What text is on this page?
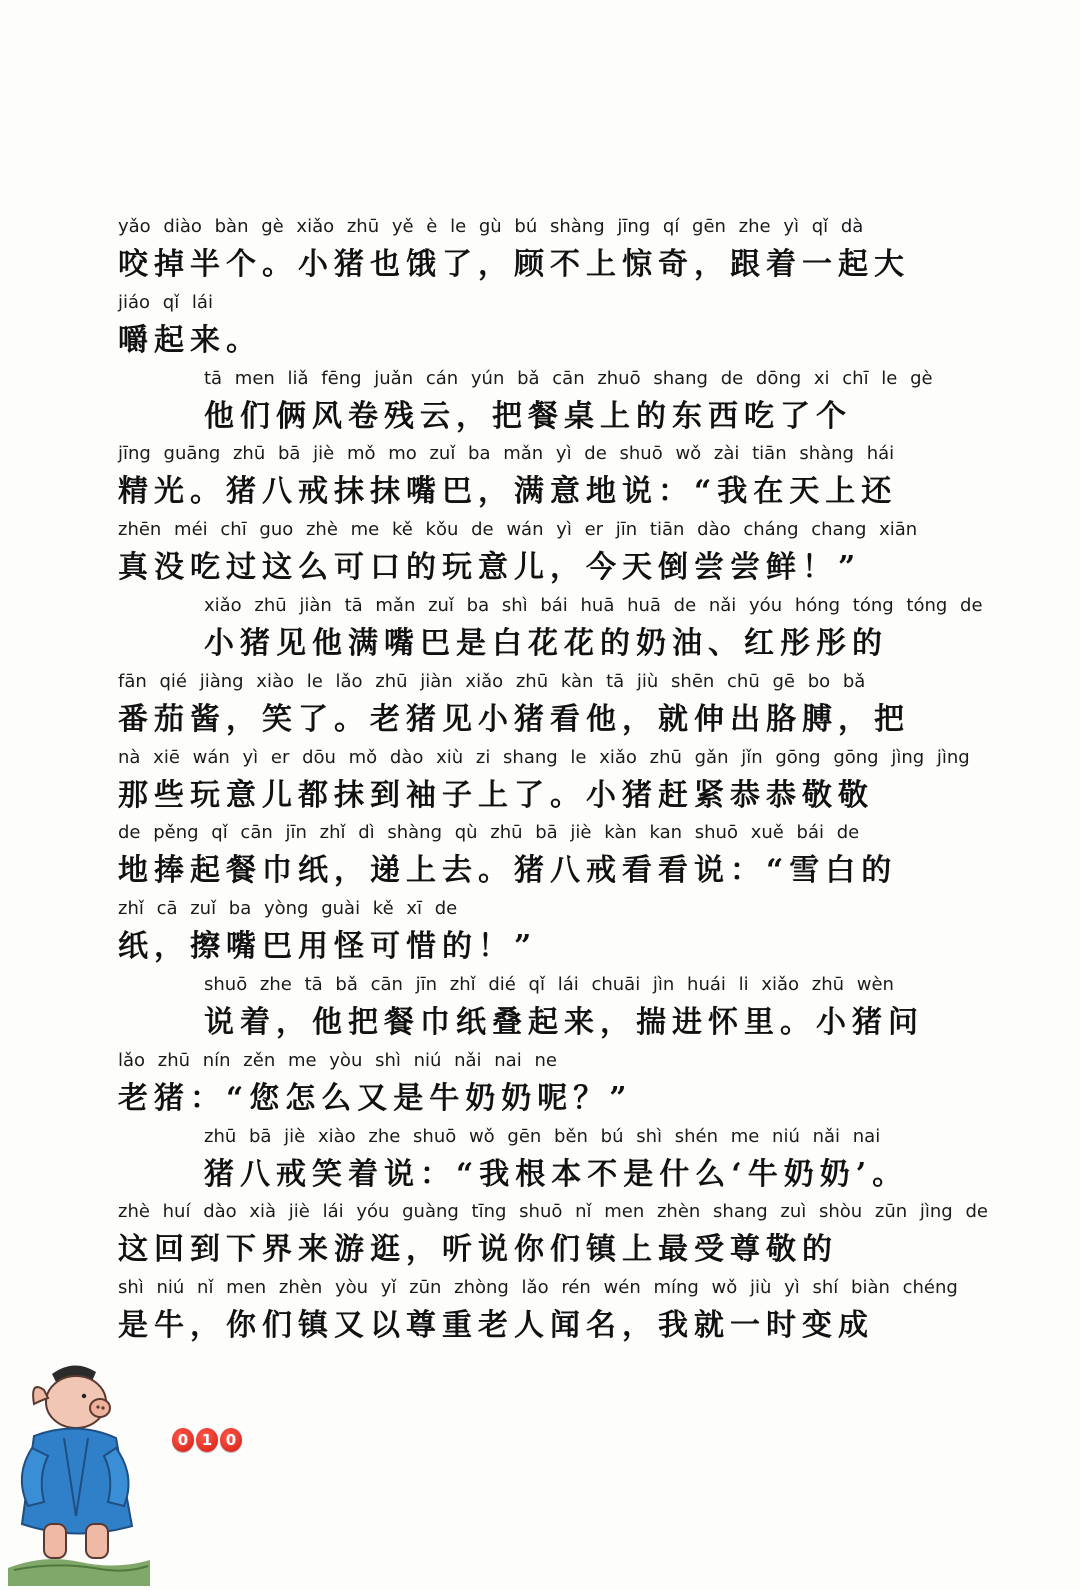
yǎo diào bàn gè xiǎo zhū yě è le gù bú shàng jīng qí gēn zhe yì qǐ dà
咬掉半个。小猪也饿了，顾不上惊奇，跟着一起大
jiáo qǐ lái
嚼起来。
tā men liǎ fēng juǎn cán yún bǎ cān zhuō shang de dōng xi chī le gè
他们俩风卷残云，把餐桌上的东西吃了个
jīng guāng zhū bā jiè mǒ mo zuǐ ba mǎn yì de shuō wǒ zài tiān shàng hái
精光。猪八戒抹抹嘴巴，满意地说：“我在天上还
zhēn méi chī guo zhè me kě kǒu de wán yì er jīn tiān dào cháng chang xiān
真没吃过这么可口的玩意儿，今天倒尝尝鲜！”
xiǎo zhū jiàn tā mǎn zuǐ ba shì bái huā huā de nǎi yóu hóng tóng tóng de
小猪见他满嘴巴是白花花的奶油、红彤彤的
fān qié jiàng xiào le lǎo zhū jiàn xiǎo zhū kàn tā jiù shēn chū gē bo bǎ
番茄酱，笑了。老猪见小猪看他，就伸出胳膊，把
nà xiē wán yì er dōu mǒ dào xiù zi shang le xiǎo zhū gǎn jǐn gōng gōng jìng jìng
那些玩意儿都抹到袖子上了。小猪赶紧恭恭敬敬
de pěng qǐ cān jīn zhǐ dì shàng qù zhū bā jiè kàn kan shuō xuě bái de
地捧起餐巾纸，递上去。猪八戒看看说：“雪白的
zhǐ cā zuǐ ba yòng guài kě xī de
纸，擦嘴巴用怪可惜的！”
shuō zhe tā bǎ cān jīn zhǐ dié qǐ lái chuāi jìn huái li xiǎo zhū wèn
说着，他把餐巾纸叠起来，揣进怀里。小猪问
lǎo zhū nín zěn me yòu shì niú nǎi nai ne
老猪：“您怎么又是牛奶奶呢？”
zhū bā jiè xiào zhe shuō wǒ gēn běn bú shì shén me niú nǎi nai
猪八戒笑着说：“我根本不是什么‘牛奶奶’。
zhè huí dào xià jiè lái yóu guàng tīng shuō nǐ men zhèn shang zuì shòu zūn jìng de
这回到下界来游逛，听说你们镇上最受尊敬的
shì niú nǐ men zhèn yòu yǐ zūn zhòng lǎo rén wén míng wǒ jiù yì shí biàn chéng
是牛，你们镇又以尊重老人闻名，我就一时变成
0 1 0
